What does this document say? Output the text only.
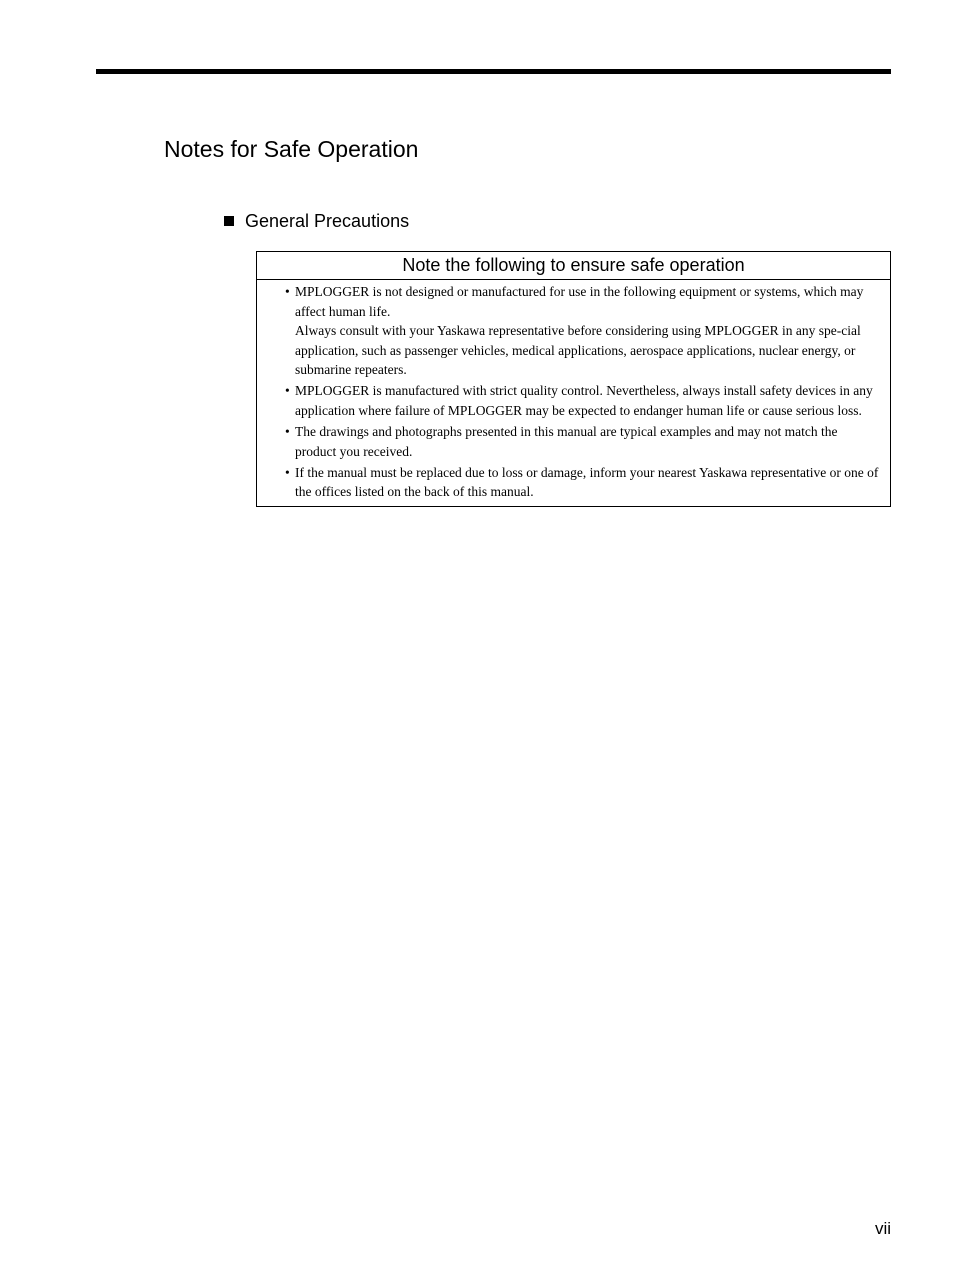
Notes for Safe Operation
General Precautions
Note the following to ensure safe operation
• MPLOGGER is not designed or manufactured for use in the following equipment or systems, which may affect human life.
Always consult with your Yaskawa representative before considering using MPLOGGER in any spe-cial application, such as passenger vehicles, medical applications, aerospace applications, nuclear energy, or submarine repeaters.
• MPLOGGER is manufactured with strict quality control. Nevertheless, always install safety devices in any application where failure of MPLOGGER may be expected to endanger human life or cause serious loss.
• The drawings and photographs presented in this manual are typical examples and may not match the product you received.
• If the manual must be replaced due to loss or damage, inform your nearest Yaskawa representative or one of the offices listed on the back of this manual.
vii
